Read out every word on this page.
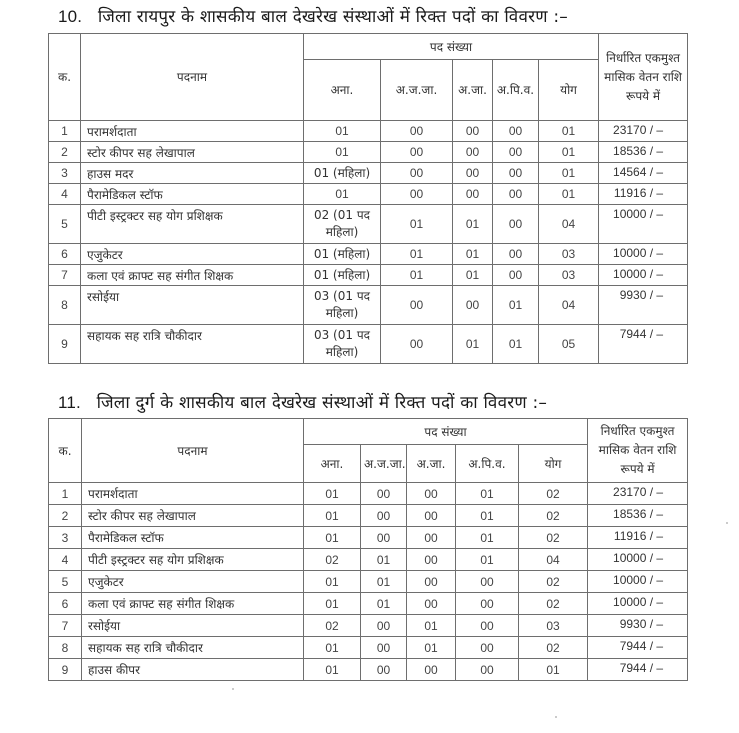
10. जिला रायपुर के शासकीय बाल देखरेख संस्थाओं में रिक्त पदों का विवरण :–
क.	पदनाम	पद संख्या					निर्धारित एकमुश्त मासिक वेतन राशि रूपये में
		अना.	अ.ज.जा.	अ.जा.	अ.पि.व.	योग	
1	परामर्शदाता	01	00	00	00	01	23170 / –
2	स्टोर कीपर सह लेखापाल	01	00	00	00	01	18536 / –
3	हाउस मदर	01 (महिला)	00	00	00	01	14564 / –
4	पैरामेडिकल स्टॉफ	01	00	00	00	01	11916 / –
5	पीटी इस्ट्रक्टर सह योग प्रशिक्षक	02 (01 पद महिला)	01	01	00	04	10000 / –
6	एजुकेटर	01 (महिला)	01	01	00	03	10000 / –
7	कला एवं क्राफ्ट सह संगीत शिक्षक	01 (महिला)	01	01	00	03	10000 / –
8	रसोईया	03 (01 पद महिला)	00	00	01	04	9930 / –
9	सहायक सह रात्रि चौकीदार	03 (01 पद महिला)	00	01	01	05	7944 / –
11. जिला दुर्ग के शासकीय बाल देखरेख संस्थाओं में रिक्त पदों का विवरण :–
क.	पदनाम	पद संख्या					निर्धारित एकमुश्त मासिक वेतन राशि रूपये में
		अना.	अ.ज.जा.	अ.जा.	अ.पि.व.	योग	
1	परामर्शदाता	01	00	00	01	02	23170 / –
2	स्टोर कीपर सह लेखापाल	01	00	00	01	02	18536 / –
3	पैरामेडिकल स्टॉफ	01	00	00	01	02	11916 / –
4	पीटी इस्ट्रक्टर सह योग प्रशिक्षक	02	01	00	01	04	10000 / –
5	एजुकेटर	01	01	00	00	02	10000 / –
6	कला एवं क्राफ्ट सह संगीत शिक्षक	01	01	00	00	02	10000 / –
7	रसोईया	02	00	01	00	03	9930 / –
8	सहायक सह रात्रि चौकीदार	01	00	01	00	02	7944 / –
9	हाउस कीपर	01	00	00	00	01	7944 / –
